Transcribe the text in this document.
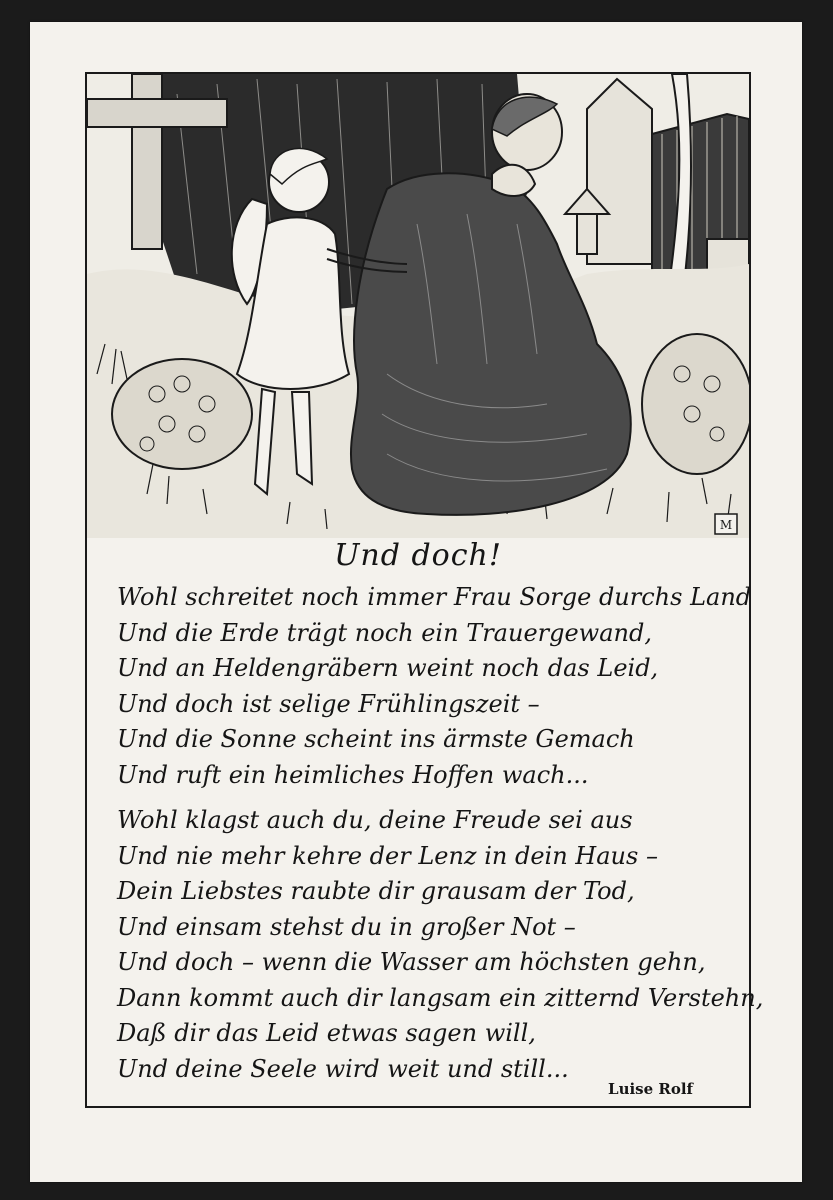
M
Und doch!
Wohl schreitet noch immer Frau Sorge durchs Land
Und die Erde trägt noch ein Trauergewand,
Und an Heldengräbern weint noch das Leid,
Und doch ist selige Frühlingszeit –
Und die Sonne scheint ins ärmste Gemach
Und ruft ein heimliches Hoffen wach...
Wohl klagst auch du, deine Freude sei aus
Und nie mehr kehre der Lenz in dein Haus –
Dein Liebstes raubte dir grausam der Tod,
Und einsam stehst du in großer Not –
Und doch – wenn die Wasser am höchsten gehn,
Dann kommt auch dir langsam ein zitternd Verstehn,
Daß dir das Leid etwas sagen will,
Und deine Seele wird weit und still...
Luise Rolf
